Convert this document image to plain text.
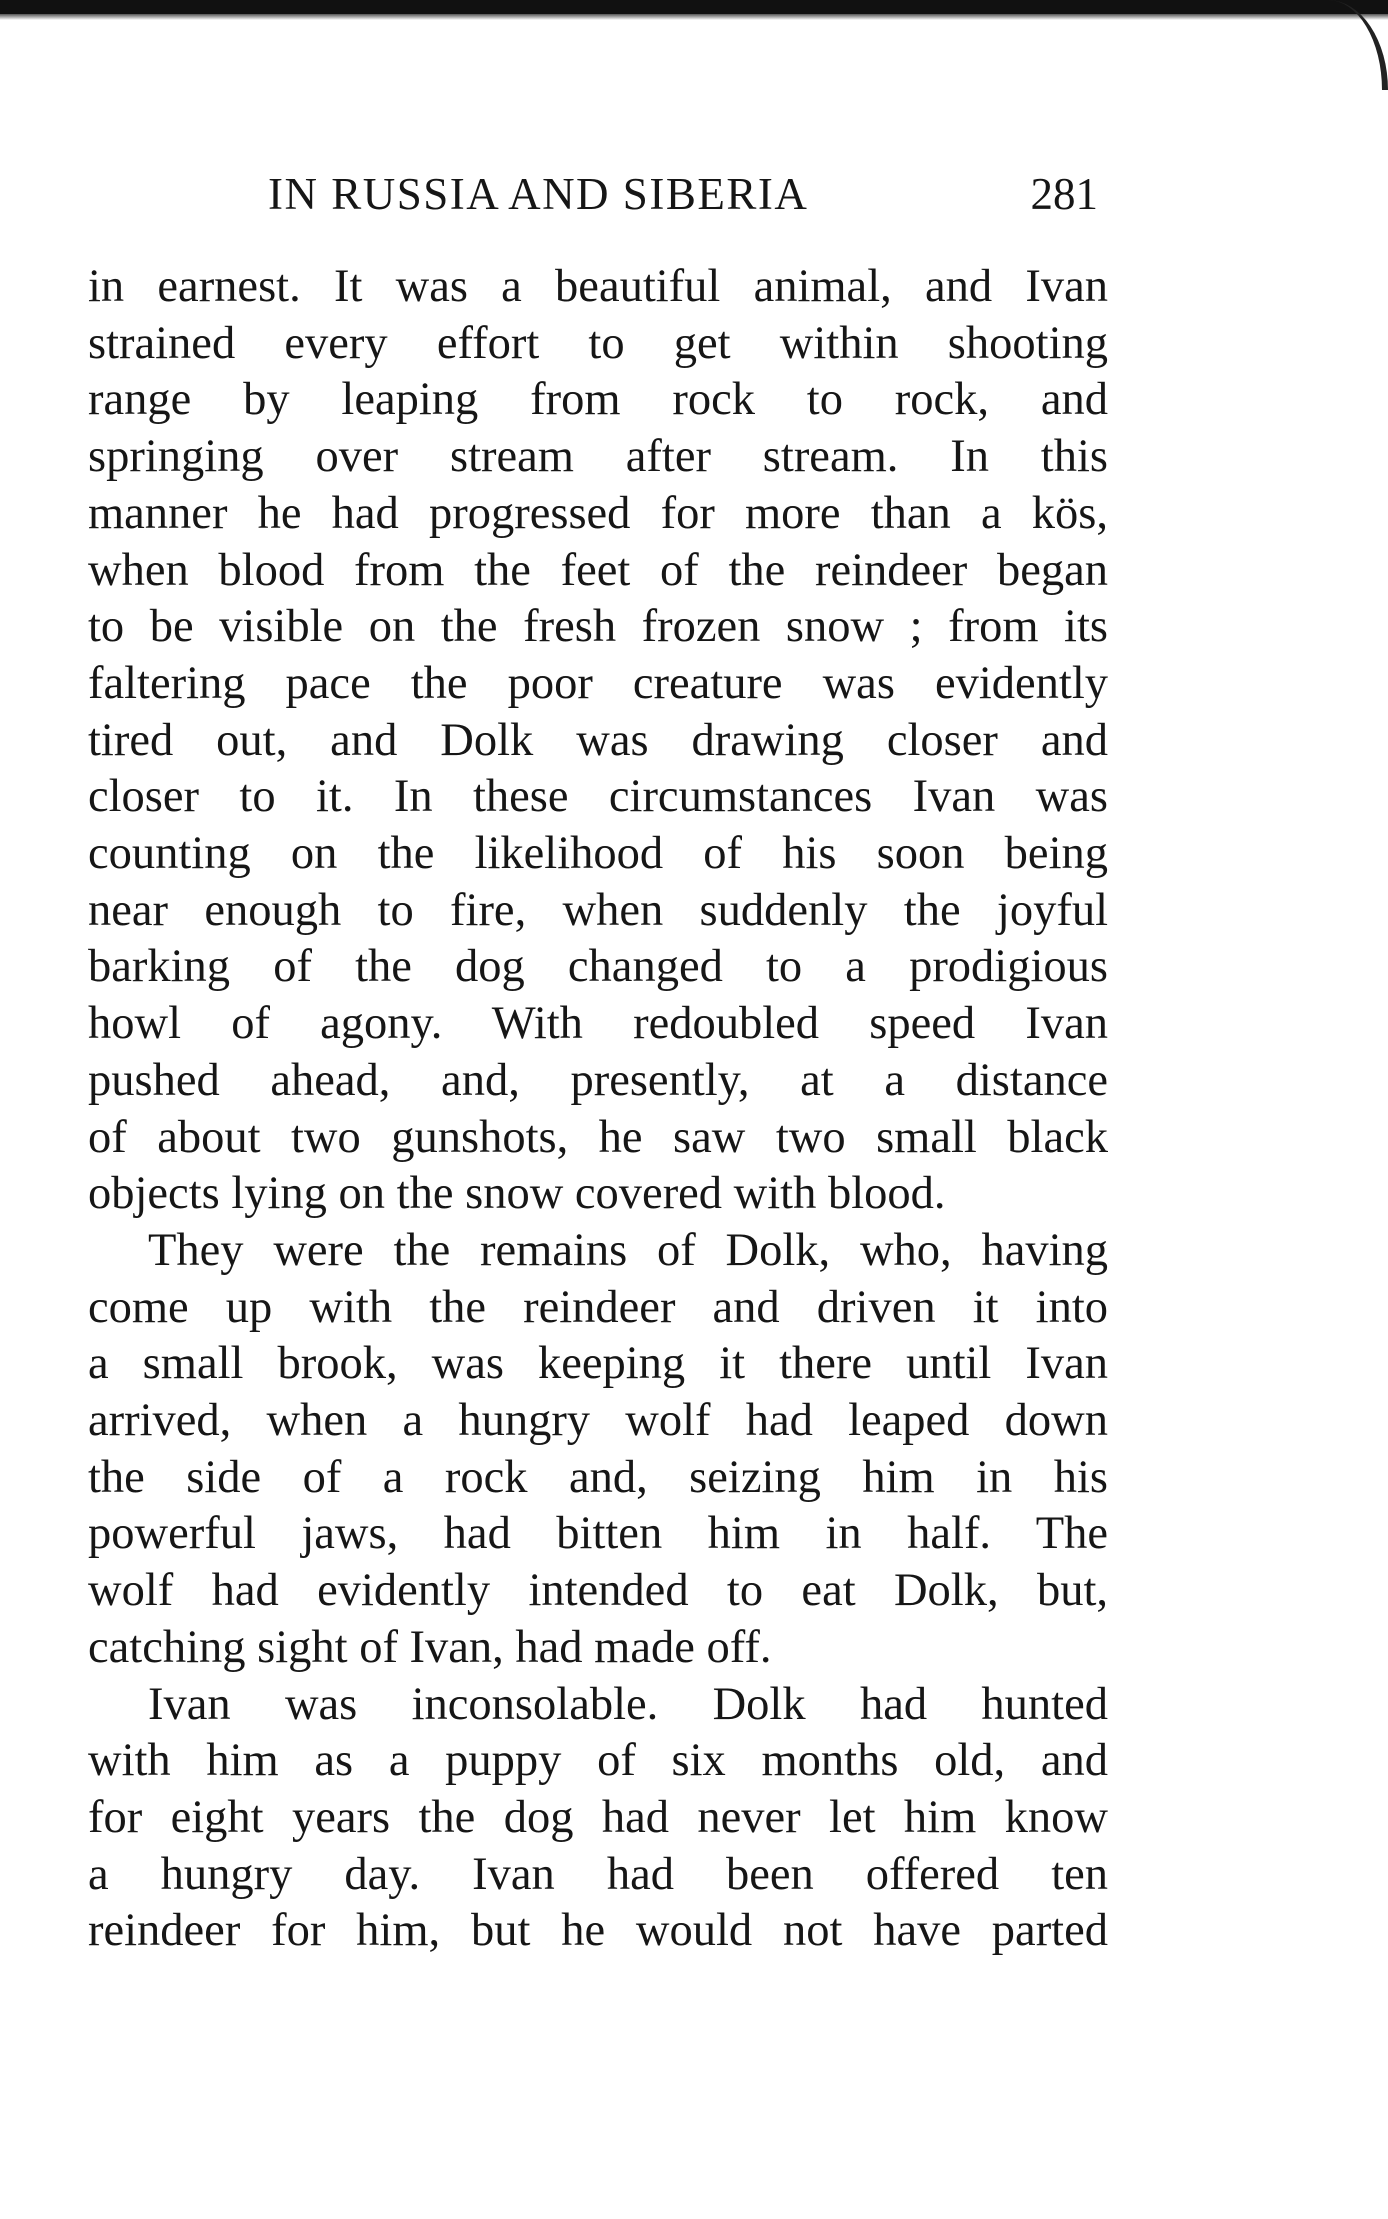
IN RUSSIA AND SIBERIA	281
in earnest. It was a beautiful animal, and Ivan
strained every effort to get within shooting
range by leaping from rock to rock, and
springing over stream after stream. In this
manner he had progressed for more than a kös,
when blood from the feet of the reindeer began
to be visible on the fresh frozen snow ; from its
faltering pace the poor creature was evidently
tired out, and Dolk was drawing closer and
closer to it. In these circumstances Ivan was
counting on the likelihood of his soon being
near enough to fire, when suddenly the joyful
barking of the dog changed to a prodigious
howl of agony. With redoubled speed Ivan
pushed ahead, and, presently, at a distance
of about two gunshots, he saw two small black
objects lying on the snow covered with blood.
They were the remains of Dolk, who, having
come up with the reindeer and driven it into
a small brook, was keeping it there until Ivan
arrived, when a hungry wolf had leaped down
the side of a rock and, seizing him in his
powerful jaws, had bitten him in half. The
wolf had evidently intended to eat Dolk, but,
catching sight of Ivan, had made off.
Ivan was inconsolable. Dolk had hunted
with him as a puppy of six months old, and
for eight years the dog had never let him know
a hungry day. Ivan had been offered ten
reindeer for him, but he would not have parted
